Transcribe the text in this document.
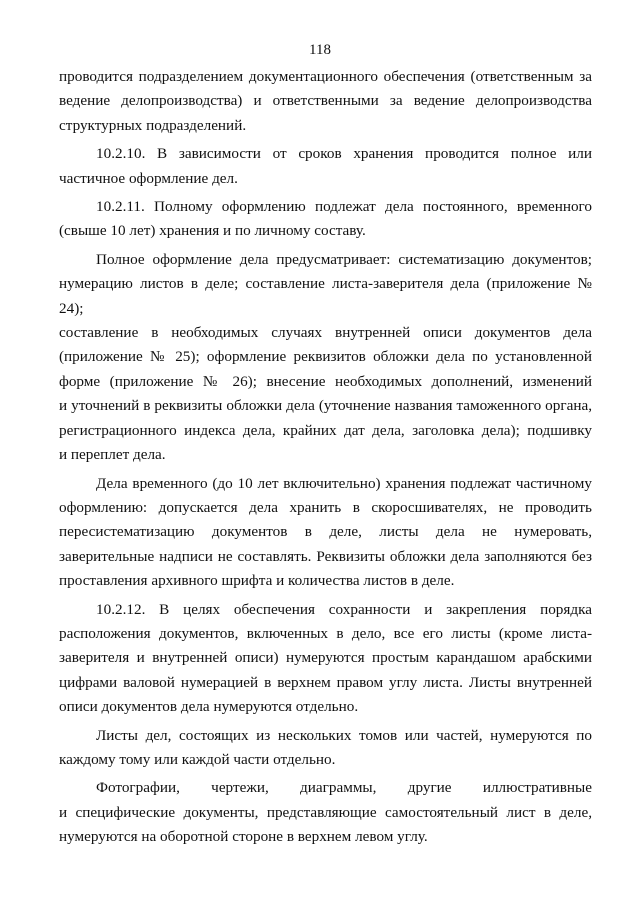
118

проводится подразделением документационного обеспечения (ответственным за
ведение делопроизводства) и ответственными за ведение делопроизводства
структурных подразделений.

10.2.10. В зависимости от сроков хранения проводится полное или
частичное оформление дел.

10.2.11. Полному оформлению подлежат дела постоянного, временного
(свыше 10 лет) хранения и по личному составу.

Полное оформление дела предусматривает: систематизацию документов;
нумерацию листов в деле; составление листа-заверителя дела (приложение № 24);
составление в необходимых случаях внутренней описи документов дела
(приложение № 25); оформление реквизитов обложки дела по установленной
форме (приложение № 26); внесение необходимых дополнений, изменений
и уточнений в реквизиты обложки дела (уточнение названия таможенного органа,
регистрационного индекса дела, крайних дат дела, заголовка дела); подшивку
и переплет дела.

Дела временного (до 10 лет включительно) хранения подлежат частичному
оформлению: допускается дела хранить в скоросшивателях, не проводить
пересистематизацию документов в деле, листы дела не нумеровать,
заверительные надписи не составлять. Реквизиты обложки дела заполняются без
проставления архивного шрифта и количества листов в деле.

10.2.12. В целях обеспечения сохранности и закрепления порядка
расположения документов, включенных в дело, все его листы (кроме листа-
заверителя и внутренней описи) нумеруются простым карандашом арабскими
цифрами валовой нумерацией в верхнем правом углу листа. Листы внутренней
описи документов дела нумеруются отдельно.

Листы дел, состоящих из нескольких томов или частей, нумеруются по
каждому тому или каждой части отдельно.

Фотографии, чертежи, диаграммы, другие иллюстративные
и специфические документы, представляющие самостоятельный лист в деле,
нумеруются на оборотной стороне в верхнем левом углу.
